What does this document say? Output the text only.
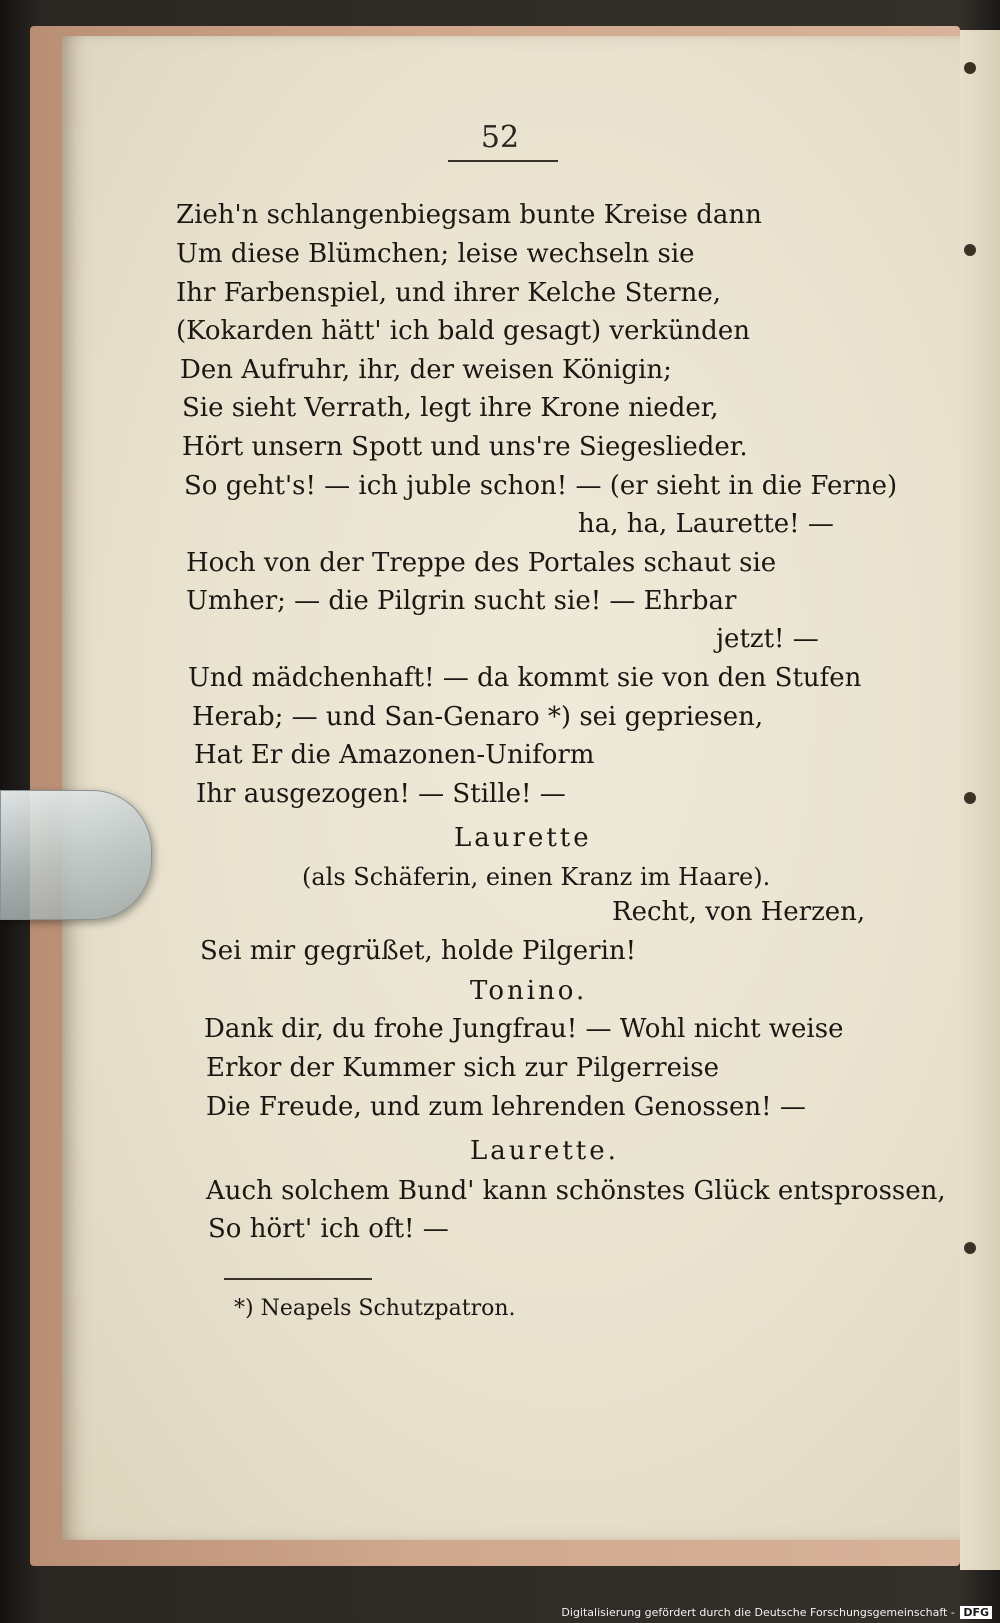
52
Zieh'n schlangenbiegsam bunte Kreise dann
Um diese Blümchen; leise wechseln sie
Ihr Farbenspiel, und ihrer Kelche Sterne,
(Kokarden hätt' ich bald gesagt) verkünden
Den Aufruhr, ihr, der weisen Königin;
Sie sieht Verrath, legt ihre Krone nieder,
Hört unsern Spott und uns're Siegeslieder.
So geht's! — ich juble schon! — (er sieht in die Ferne)
ha, ha, Laurette! —
Hoch von der Treppe des Portales schaut sie
Umher; — die Pilgrin sucht sie! — Ehrbar
jetzt! —
Und mädchenhaft! — da kommt sie von den Stufen
Herab; — und San-Genaro *) sei gepriesen,
Hat Er die Amazonen-Uniform
Ihr ausgezogen! — Stille! —
Laurette
(als Schäferin, einen Kranz im Haare).
Recht, von Herzen,
Sei mir gegrüßet, holde Pilgerin!
Tonino.
Dank dir, du frohe Jungfrau! — Wohl nicht weise
Erkor der Kummer sich zur Pilgerreise
Die Freude, und zum lehrenden Genossen! —
Laurette.
Auch solchem Bund' kann schönstes Glück entsprossen,
So hört' ich oft! —
*) Neapels Schutzpatron.
Digitalisierung gefördert durch die Deutsche Forschungsgemeinschaft - DFG
